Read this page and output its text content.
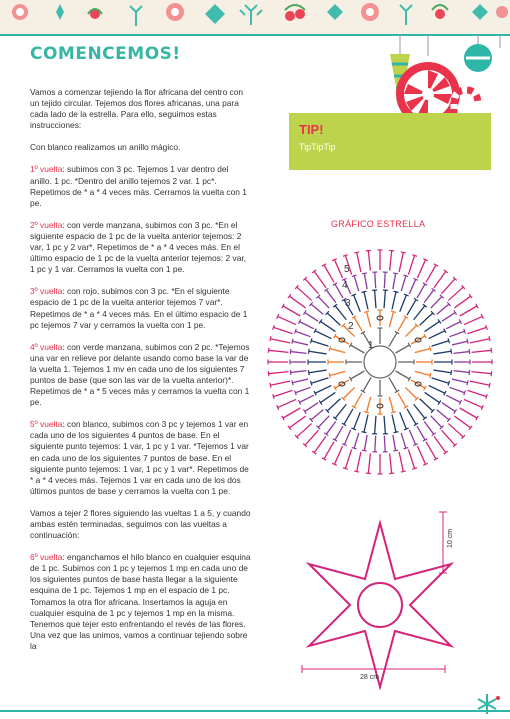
COMENCEMOS!

Vamos a comenzar tejiendo la flor africana del centro con un tejido circular. Tejemos dos flores africanas, una para cada lado de la estrella. Para ello, seguimos estas instrucciones:

Con blanco realizamos un anillo mágico.

1º vuelta: subimos con 3 pc. Tejemos 1 var dentro del anillo. 1 pc. *Dentro del anillo tejemos 2 var. 1 pc*. Repetimos de * a * 4 veces más. Cerramos la vuelta con 1 pe.

2º vuelta: con verde manzana, subimos con 3 pc. *En el siguiente espacio de 1 pc de la vuelta anterior tejemos: 2 var, 1 pc y 2 var*. Repetimos de * a * 4 veces más. En el último espacio de 1 pc de la vuelta anterior tejemos: 2 var, 1 pc y 1 var. Cerramos la vuelta con 1 pe.

3º vuelta: con rojo, subimos con 3 pc. *En el siguiente espacio de 1 pc de la vuelta anterior tejemos 7 var*. Repetimos de * a * 4 veces más. En el último espacio de 1 pc tejemos 7 var y cerramos la vuelta con 1 pe.

4º vuelta: con verde manzana, subimos con 2 pc. *Tejemos una var en relieve por delante usando como base la var de la vuelta 1. Tejemos 1 mv en cada uno de los siguientes 7 puntos de base (que son las var de la vuelta anterior)*. Repetimos de * a * 5 veces más y cerramos la vuelta con 1 pe.

5º vuelta: con blanco, subimos con 3 pc y tejemos 1 var en cada uno de los siguientes 4 puntos de base. En el siguiente punto tejemos: 1 var, 1 pc y 1 var. *Tejemos 1 var en cada uno de los siguientes 7 puntos de base. En el siguiente punto tejemos: 1 var, 1 pc y 1 var*. Repetimos de * a * 4 veces más. Tejemos 1 var en cada uno de los dos últimos puntos de base y cerramos la vuelta con 1 pe.

Vamos a tejer 2 flores siguiendo las vueltas 1 a 5, y cuando ambas estén terminadas, seguimos con las vueltas a continuación:

6º vuelta: enganchamos el hilo blanco en cualquier esquina de 1 pc. Subimos con 1 pc y tejemos 1 mp en cada uno de los siguientes puntos de base hasta llegar a la siguiente esquina de 1 pc. Tejemos 1 mp en el espacio de 1 pc. Tomamos la otra flor africana. Insertamos la aguja en cualquier esquina de 1 pc y tejemos 1 mp en la misma. Tenemos que tejer esto enfrentando el revés de las flores. Una vez que las unimos, vamos a continuar tejiendo sobre la

TIP!
TipTipTip
GRÁFICO ESTRELLA
5
4
3
2
1
10 cm
28 cm
